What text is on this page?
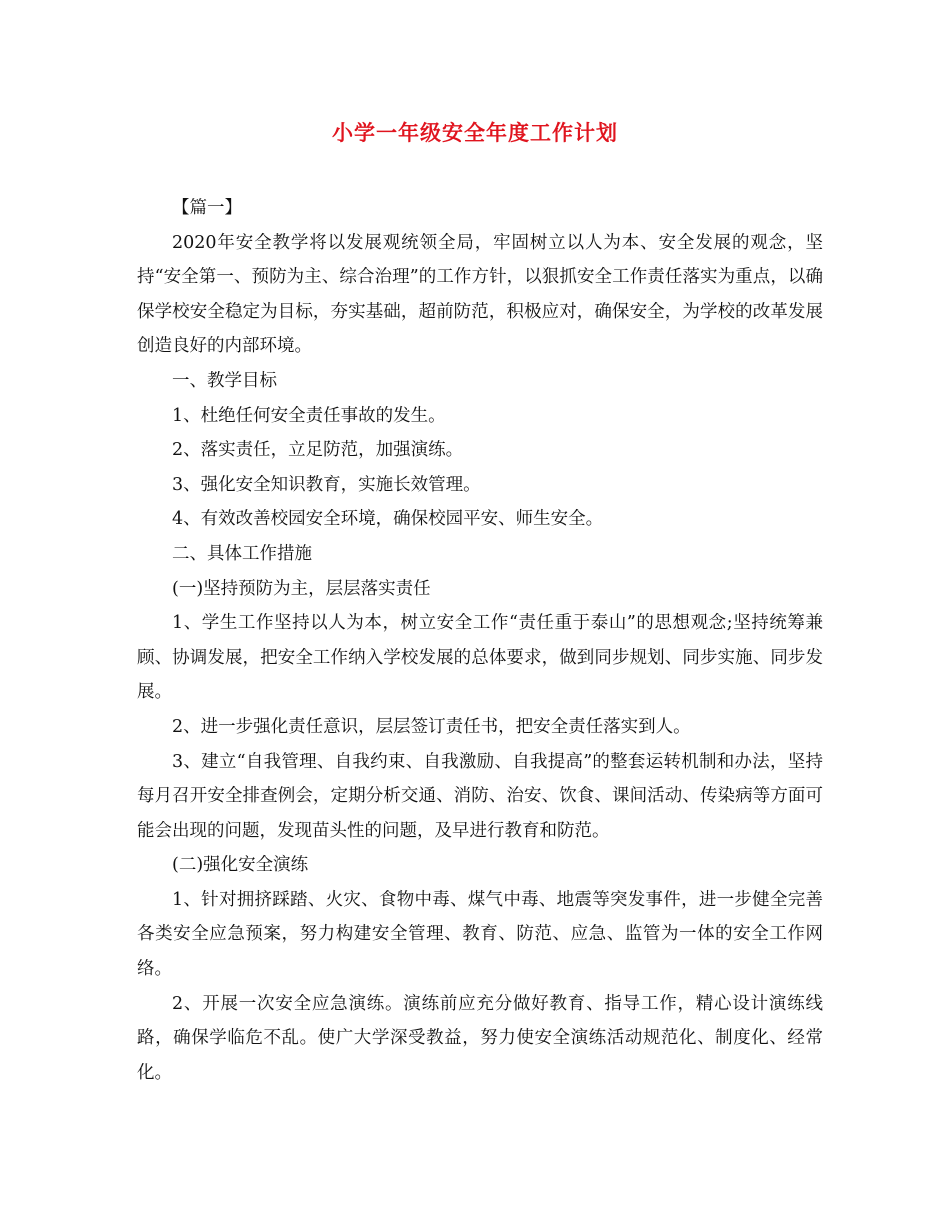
小学一年级安全年度工作计划

【篇一】

2020年安全教学将以发展观统领全局，牢固树立以人为本、安全发展的观念，坚持“安全第一、预防为主、综合治理”的工作方针，以狠抓安全工作责任落实为重点，以确保学校安全稳定为目标，夯实基础，超前防范，积极应对，确保安全，为学校的改革发展创造良好的内部环境。

一、教学目标

1、杜绝任何安全责任事故的发生。

2、落实责任，立足防范，加强演练。

3、强化安全知识教育，实施长效管理。

4、有效改善校园安全环境，确保校园平安、师生安全。

二、具体工作措施

(一)坚持预防为主，层层落实责任

1、学生工作坚持以人为本，树立安全工作“责任重于泰山”的思想观念;坚持统筹兼顾、协调发展，把安全工作纳入学校发展的总体要求，做到同步规划、同步实施、同步发展。

2、进一步强化责任意识，层层签订责任书，把安全责任落实到人。

3、建立“自我管理、自我约束、自我激励、自我提高”的整套运转机制和办法，坚持每月召开安全排查例会，定期分析交通、消防、治安、饮食、课间活动、传染病等方面可能会出现的问题，发现苗头性的问题，及早进行教育和防范。

(二)强化安全演练

1、针对拥挤踩踏、火灾、食物中毒、煤气中毒、地震等突发事件，进一步健全完善各类安全应急预案，努力构建安全管理、教育、防范、应急、监管为一体的安全工作网络。

2、开展一次安全应急演练。演练前应充分做好教育、指导工作，精心设计演练线路，确保学临危不乱。使广大学深受教益，努力使安全演练活动规范化、制度化、经常化。
